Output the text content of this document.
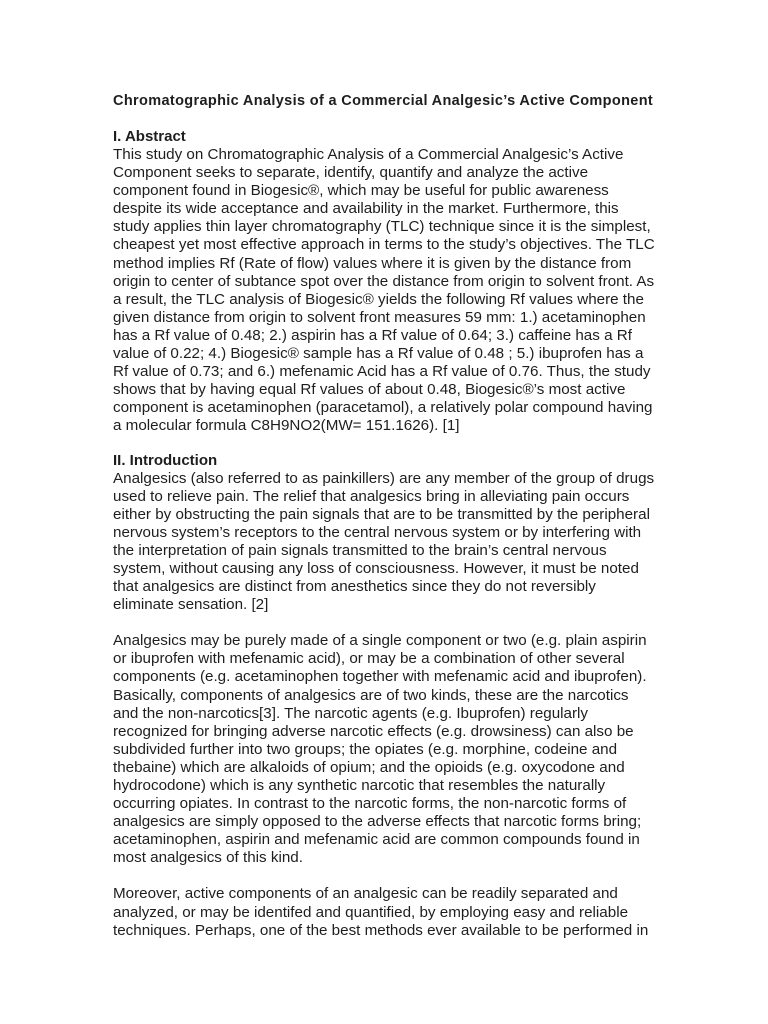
Chromatographic Analysis of a Commercial Analgesic’s Active Component
I. Abstract

This study on Chromatographic Analysis of a Commercial Analgesic’s Active Component seeks to separate, identify, quantify and analyze the active component found in Biogesic®, which may be useful for public awareness despite its wide acceptance and availability in the market. Furthermore, this study applies thin layer chromatography (TLC) technique since it is the simplest, cheapest yet most effective approach in terms to the study’s objectives. The TLC method implies Rf (Rate of flow) values where it is given by the distance from origin to center of subtance spot over the distance from origin to solvent front. As a result, the TLC analysis of Biogesic® yields the following Rf values where the given distance from origin to solvent front measures 59 mm: 1.) acetaminophen has a Rf value of 0.48; 2.) aspirin has a Rf value of 0.64; 3.) caffeine has a Rf value of 0.22; 4.) Biogesic® sample has a Rf value of 0.48 ; 5.) ibuprofen has a Rf value of 0.73; and 6.) mefenamic Acid has a Rf value of 0.76. Thus, the study shows that by having equal Rf values of about 0.48, Biogesic®’s most active component is acetaminophen (paracetamol), a relatively polar compound having a molecular formula C8H9NO2(MW= 151.1626). [1]

II. Introduction

Analgesics (also referred to as painkillers) are any member of the group of drugs used to relieve pain. The relief that analgesics bring in alleviating pain occurs either by obstructing the pain signals that are to be transmitted by the peripheral nervous system’s receptors to the central nervous system or by interfering with the interpretation of pain signals transmitted to the brain’s central nervous system, without causing any loss of consciousness. However, it must be noted that analgesics are distinct from anesthetics since they do not reversibly eliminate sensation. [2]

Analgesics may be purely made of a single component or two (e.g. plain aspirin or ibuprofen with mefenamic acid), or may be a combination of other several components (e.g. acetaminophen together with mefenamic acid and ibuprofen). Basically, components of analgesics are of two kinds, these are the narcotics and the non-narcotics[3]. The narcotic agents (e.g. Ibuprofen) regularly recognized for bringing adverse narcotic effects (e.g. drowsiness) can also be subdivided further into two groups; the opiates (e.g. morphine, codeine and thebaine) which are alkaloids of opium; and the opioids (e.g. oxycodone and hydrocodone) which is any synthetic narcotic that resembles the naturally occurring opiates. In contrast to the narcotic forms, the non-narcotic forms of analgesics are simply opposed to the adverse effects that narcotic forms bring; acetaminophen, aspirin and mefenamic acid are common compounds found in most analgesics of this kind.

Moreover, active components of an analgesic can be readily separated and analyzed, or may be identifed and quantified, by employing easy and reliable techniques. Perhaps, one of the best methods ever available to be performed in
